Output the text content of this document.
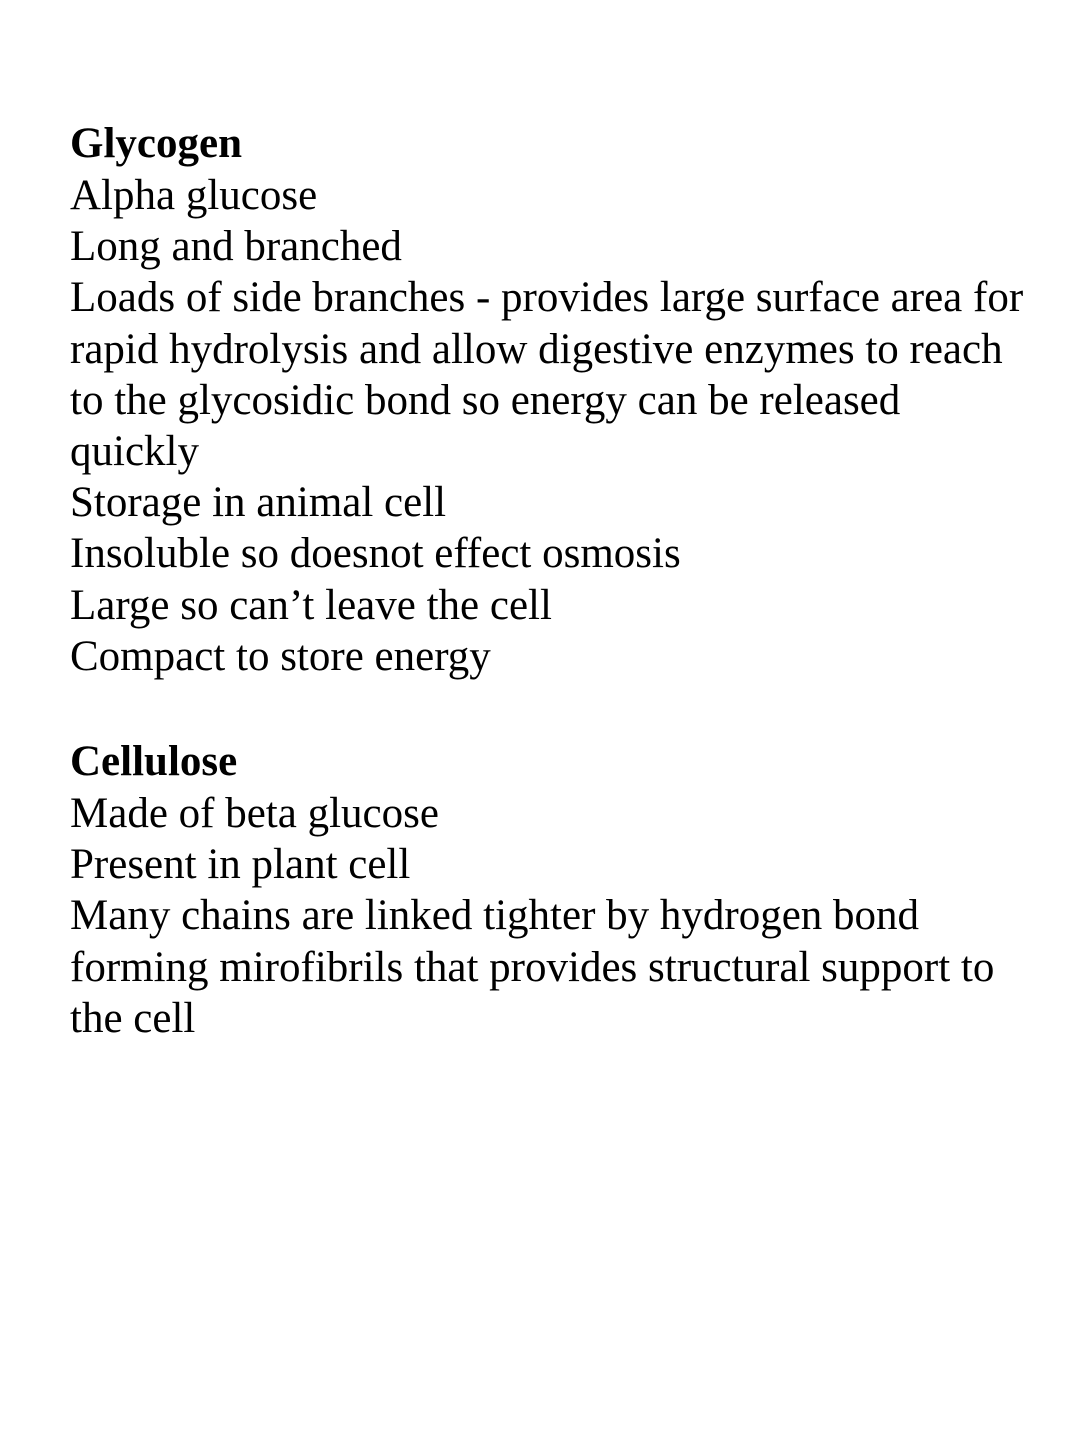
Glycogen

Alpha glucose

Long and branched

Loads of side branches - provides large surface area for rapid hydrolysis and allow digestive enzymes to reach to the glycosidic bond so energy can be released quickly

Storage in animal cell

Insoluble so doesnot effect osmosis

Large so can’t leave the cell

Compact to store energy

Cellulose

Made of beta glucose

Present in plant cell

Many chains are linked tighter by hydrogen bond forming mirofibrils that provides structural support to the cell
